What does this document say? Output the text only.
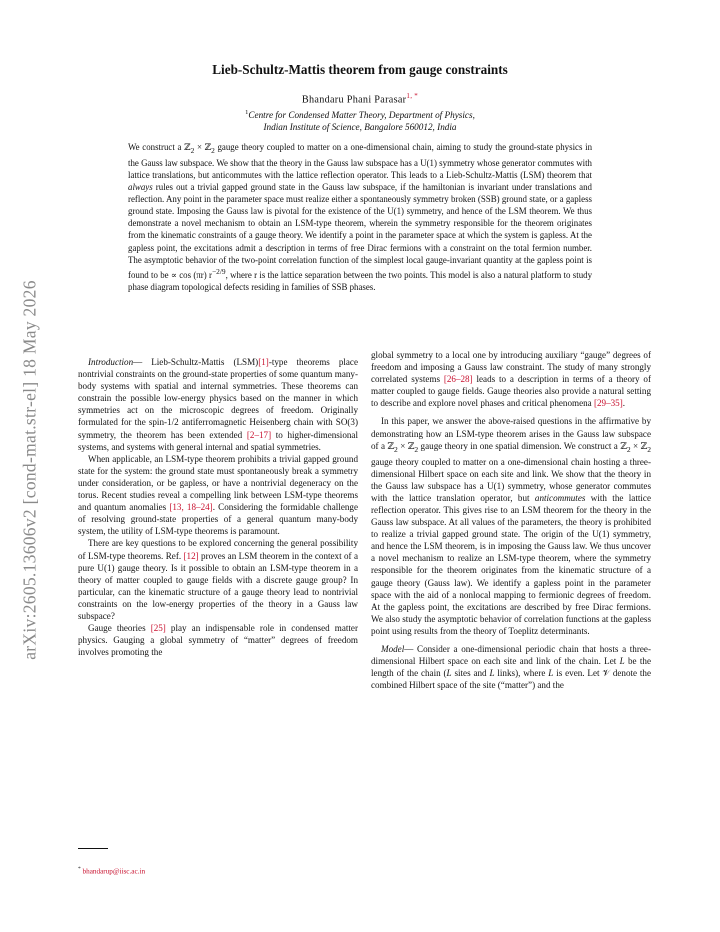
arXiv:2605.13606v2 [cond-mat.str-el] 18 May 2026
Lieb-Schultz-Mattis theorem from gauge constraints
Bhandaru Phani Parasar$^{1, *}$
$^1$Centre for Condensed Matter Theory, Department of Physics,
Indian Institute of Science, Bangalore 560012, India
We construct a ℤ$_2$ × ℤ$_2$ gauge theory coupled to matter on a one-dimensional chain, aiming to study the ground-state physics in the Gauss law subspace. We show that the theory in the Gauss law subspace has a U(1) symmetry whose generator commutes with lattice translations, but anticommutes with the lattice reflection operator. This leads to a Lieb-Schultz-Mattis (LSM) theorem that always rules out a trivial gapped ground state in the Gauss law subspace, if the hamiltonian is invariant under translations and reflection. Any point in the parameter space must realize either a spontaneously symmetry broken (SSB) ground state, or a gapless ground state. Imposing the Gauss law is pivotal for the existence of the U(1) symmetry, and hence of the LSM theorem. We thus demonstrate a novel mechanism to obtain an LSM-type theorem, wherein the symmetry responsible for the theorem originates from the kinematic constraints of a gauge theory. We identify a point in the parameter space at which the system is gapless. At the gapless point, the excitations admit a description in terms of free Dirac fermions with a constraint on the total fermion number. The asymptotic behavior of the two-point correlation function of the simplest local gauge-invariant quantity at the gapless point is found to be ∝ cos (πr) $r^{-2/9}$, where r is the lattice separation between the two points. This model is also a natural platform to study phase diagram topological defects residing in families of SSB phases.

Introduction— Lieb-Schultz-Mattis (LSM)[1]-type theorems place nontrivial constraints on the ground-state properties of some quantum many-body systems with spatial and internal symmetries. These theorems can constrain the possible low-energy physics based on the manner in which symmetries act on the microscopic degrees of freedom. Originally formulated for the spin-1/2 antiferromagnetic Heisenberg chain with SO(3) symmetry, the theorem has been extended [2–17] to higher-dimensional systems, and systems with general internal and spatial symmetries.

When applicable, an LSM-type theorem prohibits a trivial gapped ground state for the system: the ground state must spontaneously break a symmetry under consideration, or be gapless, or have a nontrivial degeneracy on the torus. Recent studies reveal a compelling link between LSM-type theorems and quantum anomalies [13, 18–24]. Considering the formidable challenge of resolving ground-state properties of a general quantum many-body system, the utility of LSM-type theorems is paramount.

There are key questions to be explored concerning the general possibility of LSM-type theorems. Ref. [12] proves an LSM theorem in the context of a pure U(1) gauge theory. Is it possible to obtain an LSM-type theorem in a theory of matter coupled to gauge fields with a discrete gauge group? In particular, can the kinematic structure of a gauge theory lead to nontrivial constraints on the low-energy properties of the theory in a Gauss law subspace?

Gauge theories [25] play an indispensable role in condensed matter physics. Gauging a global symmetry of “matter” degrees of freedom involves promoting the

global symmetry to a local one by introducing auxiliary “gauge” degrees of freedom and imposing a Gauss law constraint. The study of many strongly correlated systems [26–28] leads to a description in terms of a theory of matter coupled to gauge fields. Gauge theories also provide a natural setting to describe and explore novel phases and critical phenomena [29–35].

In this paper, we answer the above-raised questions in the affirmative by demonstrating how an LSM-type theorem arises in the Gauss law subspace of a ℤ$_2$ × ℤ$_2$ gauge theory in one spatial dimension. We construct a ℤ$_2$ × ℤ$_2$ gauge theory coupled to matter on a one-dimensional chain hosting a three-dimensional Hilbert space on each site and link. We show that the theory in the Gauss law subspace has a U(1) symmetry, whose generator commutes with the lattice translation operator, but anticommutes with the lattice reflection operator. This gives rise to an LSM theorem for the theory in the Gauss law subspace. At all values of the parameters, the theory is prohibited to realize a trivial gapped ground state. The origin of the U(1) symmetry, and hence the LSM theorem, is in imposing the Gauss law. We thus uncover a novel mechanism to realize an LSM-type theorem, where the symmetry responsible for the theorem originates from the kinematic structure of a gauge theory (Gauss law). We identify a gapless point in the parameter space with the aid of a nonlocal mapping to fermionic degrees of freedom. At the gapless point, the excitations are described by free Dirac fermions. We also study the asymptotic behavior of correlation functions at the gapless point using results from the theory of Toeplitz determinants.

Model— Consider a one-dimensional periodic chain that hosts a three-dimensional Hilbert space on each site and link of the chain. Let L be the length of the chain (L sites and L links), where L is even. Let 𝒱 denote the combined Hilbert space of the site (“matter”) and the

* bhandarup@iisc.ac.in
